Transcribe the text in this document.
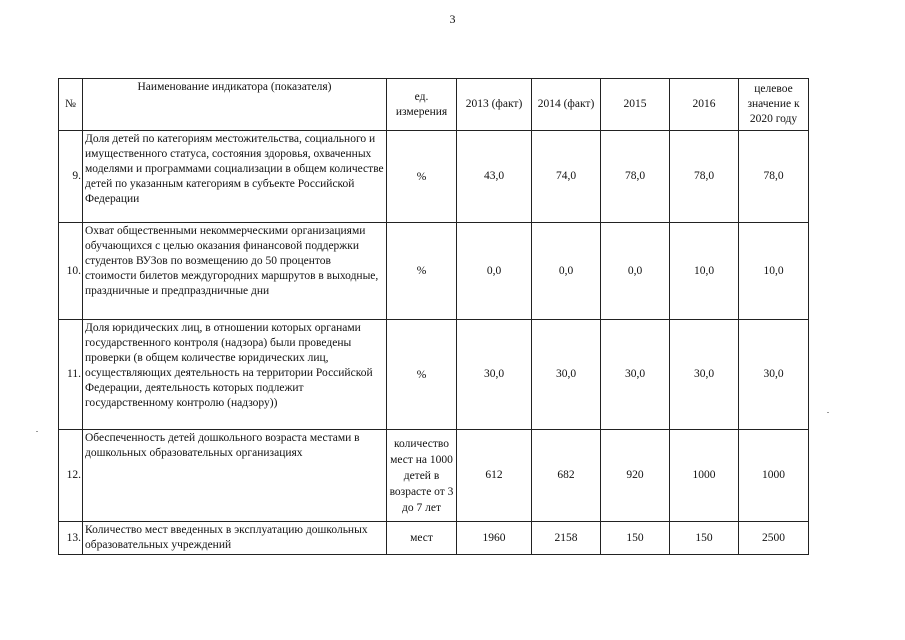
3
№	Наименование индикатора (показателя)	ед. измерения	2013 (факт)	2014 (факт)	2015	2016	целевое значение к 2020 году
9.	Доля детей по категориям местожительства, социального и имущественного статуса, состояния здоровья, охваченных моделями и программами социализации в общем количестве детей по указанным категориям в субъекте Российской Федерации	%	43,0	74,0	78,0	78,0	78,0
10.	Охват общественными некоммерческими организациями обучающихся с целью оказания финансовой поддержки студентов ВУЗов по возмещению до 50 процентов стоимости билетов междугородних маршрутов в выходные, праздничные и предпраздничные дни	%	0,0	0,0	0,0	10,0	10,0
11.	Доля юридических лиц, в отношении которых органами государственного контроля (надзора) были проведены проверки (в общем количестве юридических лиц, осуществляющих деятельность на территории Российской Федерации, деятельность которых подлежит государственному контролю (надзору))	%	30,0	30,0	30,0	30,0	30,0
12.	Обеспеченность детей дошкольного возраста местами в дошкольных образовательных организациях	количество мест на 1000 детей в возрасте от 3 до 7 лет	612	682	920	1000	1000
13.	Количество мест введенных в эксплуатацию дошкольных образовательных учреждений	мест	1960	2158	150	150	2500
